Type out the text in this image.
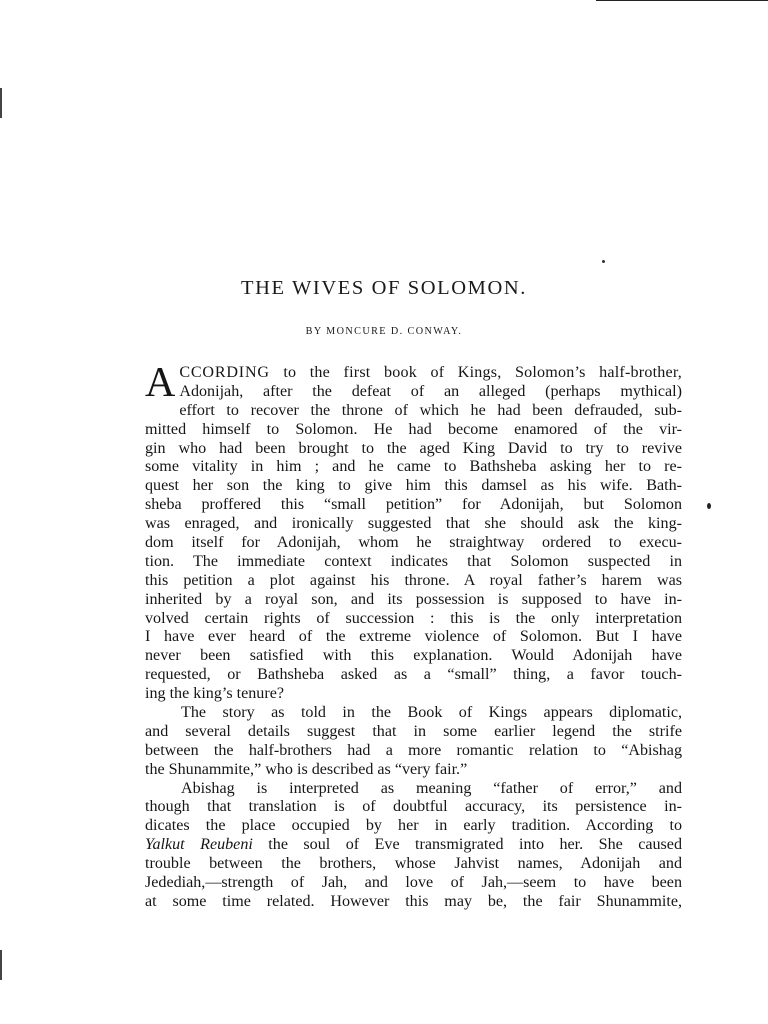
THE WIVES OF SOLOMON.
BY MONCURE D. CONWAY.
A CCORDING to the first book of Kings, Solomon’s half-brother,
Adonijah, after the defeat of an alleged (perhaps mythical)
effort to recover the throne of which he had been defrauded, sub-
mitted himself to Solomon. He had become enamored of the vir-
gin who had been brought to the aged King David to try to revive
some vitality in him ; and he came to Bathsheba asking her to re-
quest her son the king to give him this damsel as his wife. Bath-
sheba proffered this “small petition” for Adonijah, but Solomon
was enraged, and ironically suggested that she should ask the king-
dom itself for Adonijah, whom he straightway ordered to execu-
tion. The immediate context indicates that Solomon suspected in
this petition a plot against his throne. A royal father’s harem was
inherited by a royal son, and its possession is supposed to have in-
volved certain rights of succession : this is the only interpretation
I have ever heard of the extreme violence of Solomon. But I have
never been satisfied with this explanation. Would Adonijah have
requested, or Bathsheba asked as a “small” thing, a favor touch-
ing the king’s tenure?
The story as told in the Book of Kings appears diplomatic,
and several details suggest that in some earlier legend the strife
between the half-brothers had a more romantic relation to “Abishag
the Shunammite,” who is described as “very fair.”
Abishag is interpreted as meaning “father of error,” and
though that translation is of doubtful accuracy, its persistence in-
dicates the place occupied by her in early tradition. According to
Yalkut Reubeni the soul of Eve transmigrated into her. She caused
trouble between the brothers, whose Jahvist names, Adonijah and
Jedediah,—strength of Jah, and love of Jah,—seem to have been
at some time related. However this may be, the fair Shunammite,
